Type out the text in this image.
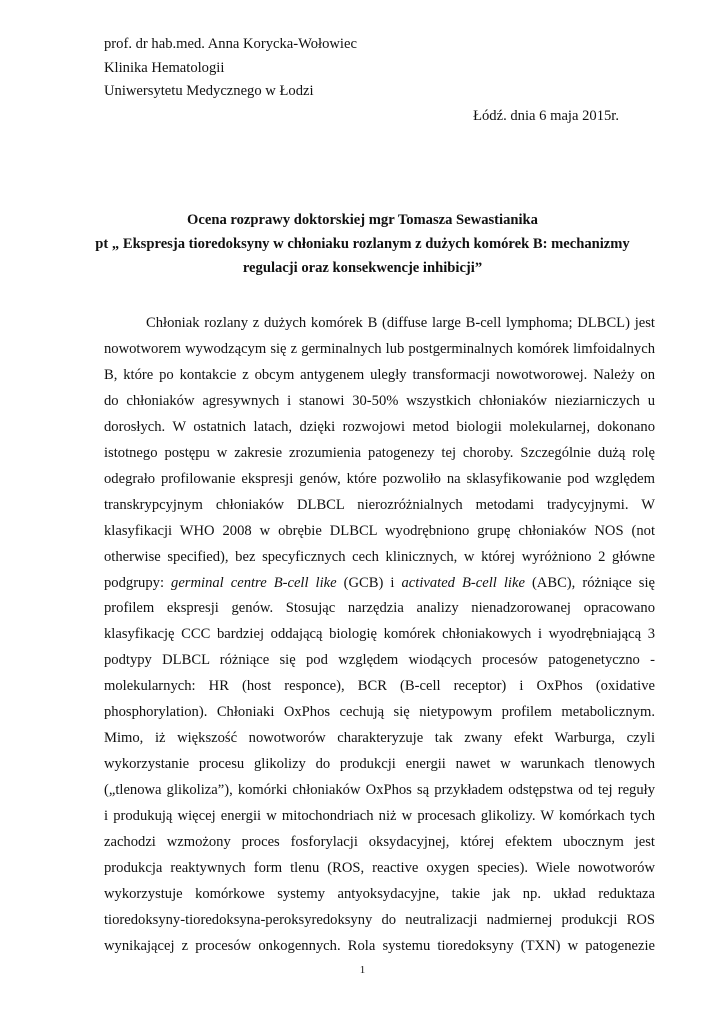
prof. dr hab.med. Anna Korycka-Wołowiec
Klinika Hematologii
Uniwersytetu Medycznego w Łodzi
Łódź. dnia 6 maja 2015r.
Ocena rozprawy doktorskiej mgr Tomasza Sewastianika
pt „ Ekspresja tioredoksyny w chłoniaku rozlanym z dużych komórek B: mechanizmy
regulacji oraz konsekwencje inhibicji”
Chłoniak rozlany z dużych komórek B (diffuse large B-cell lymphoma; DLBCL) jest
nowotworem wywodzącym się z germinalnych lub postgerminalnych komórek limfoidalnych
B, które po kontakcie z obcym antygenem uległy transformacji nowotworowej. Należy on
do chłoniaków agresywnych i stanowi 30-50% wszystkich chłoniaków nieziarniczych u
dorosłych. W ostatnich latach, dzięki rozwojowi metod biologii molekularnej, dokonano
istotnego postępu w zakresie zrozumienia patogenezy tej choroby. Szczególnie dużą rolę
odegrało profilowanie ekspresji genów, które pozwoliło na sklasyfikowanie pod względem
transkrypcyjnym chłoniaków DLBCL nierozróżnialnych metodami tradycyjnymi. W
klasyfikacji WHO 2008 w obrębie DLBCL wyodrębniono grupę chłoniaków NOS (not
otherwise specified), bez specyficznych cech klinicznych, w której wyróżniono 2 główne
podgrupy: germinal centre B-cell like (GCB) i activated B-cell like (ABC), różniące się
profilem ekspresji genów. Stosując narzędzia analizy nienadzorowanej opracowano
klasyfikację CCC bardziej oddającą biologię komórek chłoniakowych i wyodrębniającą 3
podtypy DLBCL różniące się pod względem wiodących procesów patogenetyczno -
molekularnych: HR (host responce), BCR (B-cell receptor) i OxPhos (oxidative
phosphorylation). Chłoniaki OxPhos cechują się nietypowym profilem metabolicznym.
Mimo, iż większość nowotworów charakteryzuje tak zwany efekt Warburga, czyli
wykorzystanie procesu glikolizy do produkcji energii nawet w warunkach tlenowych
(„tlenowa glikoliza”), komórki chłoniaków OxPhos są przykładem odstępstwa od tej reguły
i produkują więcej energii w mitochondriach niż w procesach glikolizy. W komórkach tych
zachodzi wzmożony proces fosforylacji oksydacyjnej, której efektem ubocznym jest
produkcja reaktywnych form tlenu (ROS, reactive oxygen species). Wiele nowotworów
wykorzystuje komórkowe systemy antyoksydacyjne, takie jak np. układ reduktaza
tioredoksyny-tioredoksyna-peroksyredoksyny do neutralizacji nadmiernej produkcji ROS
wynikającej z procesów onkogennych. Rola systemu tioredoksyny (TXN) w patogenezie
1
